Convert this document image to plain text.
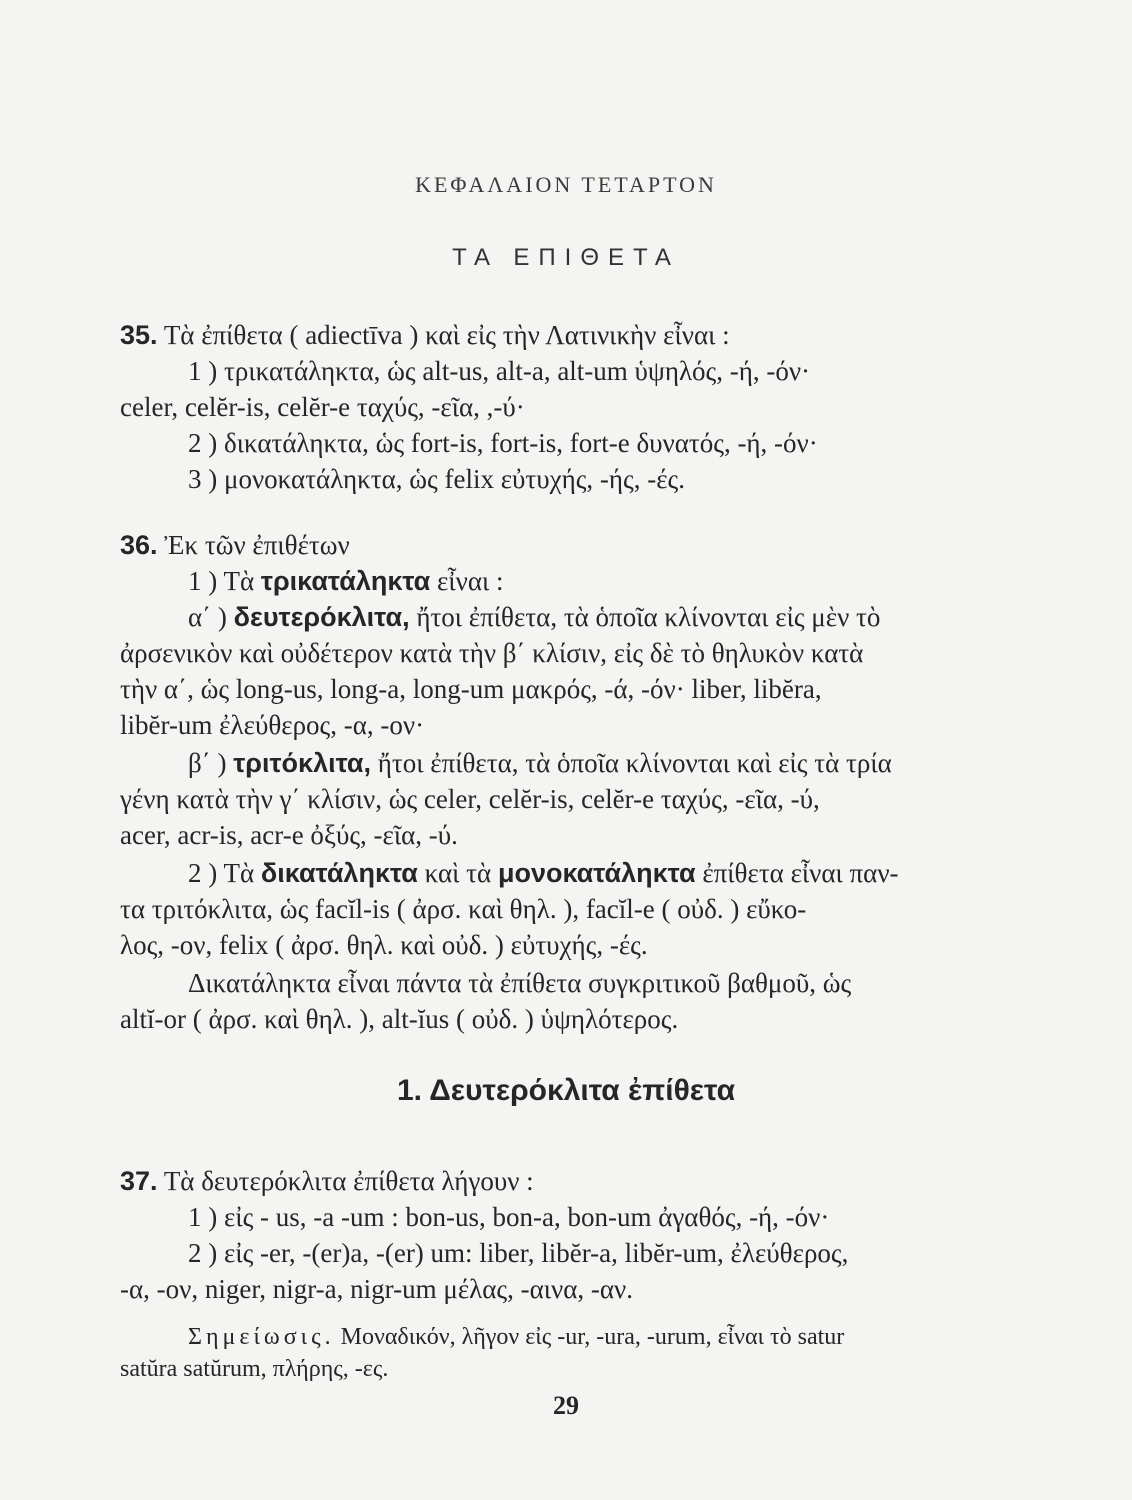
ΚΕΦΑΛΑΙΟΝ ΤΕΤΑΡΤΟΝ
ΤΑ ΕΠΙΘΕΤΑ
35. Τὰ ἐπίθετα ( adiectīva ) καὶ εἰς τὴν Λατινικὴν εἶναι :
1 ) τρικατάληκτα, ὡς alt-us, alt-a, alt-um ὑψηλός, -ή, -όν·
celer, celĕr-is, celĕr-e ταχύς, -εῖα, ,-ύ·
2 ) δικατάληκτα, ὡς fort-is, fort-is, fort-e δυνατός, -ή, -όν·
3 ) μονοκατάληκτα, ὡς felix εὐτυχής, -ής, -ές.
36. Ἐκ τῶν ἐπιθέτων
1 ) Τὰ τρικατάληκτα εἶναι :
α΄ ) δευτερόκλιτα, ἤτοι ἐπίθετα, τὰ ὁποῖα κλίνονται εἰς μὲν τὸ
ἀρσενικὸν καὶ οὐδέτερον κατὰ τὴν β΄ κλίσιν, εἰς δὲ τὸ θηλυκὸν κατὰ
τὴν α΄, ὡς long-us, long-a, long-um μακρός, -ά, -όν· liber, libĕra,
libĕr-um ἐλεύθερος, -α, -ον·
β΄ ) τριτόκλιτα, ἤτοι ἐπίθετα, τὰ ὁποῖα κλίνονται καὶ εἰς τὰ τρία
γένη κατὰ τὴν γ΄ κλίσιν, ὡς celer, celĕr-is, celĕr-e ταχύς, -εῖα, -ύ,
acer, acr-is, acr-e ὀξύς, -εῖα, -ύ.
2 ) Τὰ δικατάληκτα καὶ τὰ μονοκατάληκτα ἐπίθετα εἶναι παν-
τα τριτόκλιτα, ὡς facĭl-is ( ἀρσ. καὶ θηλ. ), facĭl-e ( οὐδ. ) εὔκο-
λος, -ον, felix ( ἀρσ. θηλ. καὶ οὐδ. ) εὐτυχής, -ές.
Δικατάληκτα εἶναι πάντα τὰ ἐπίθετα συγκριτικοῦ βαθμοῦ, ὡς
altĭ-or ( ἀρσ. καὶ θηλ. ), alt-ĭus ( οὐδ. ) ὑψηλότερος.
1. Δευτερόκλιτα ἐπίθετα
37. Τὰ δευτερόκλιτα ἐπίθετα λήγουν :
1 ) εἰς - us, -a -um : bon-us, bon-a, bon-um ἀγαθός, -ή, -όν·
2 ) εἰς -er, -(er)a, -(er) um: liber, libĕr-a, libĕr-um, ἐλεύθερος,
-α, -ον, niger, nigr-a, nigr-um μέλας, -αινα, -αν.
Σημείωσις. Μοναδικόν, λῆγον εἰς -ur, -ura, -urum, εἶναι τὸ satur
satŭra satŭrum, πλήρης, -ες.
29
